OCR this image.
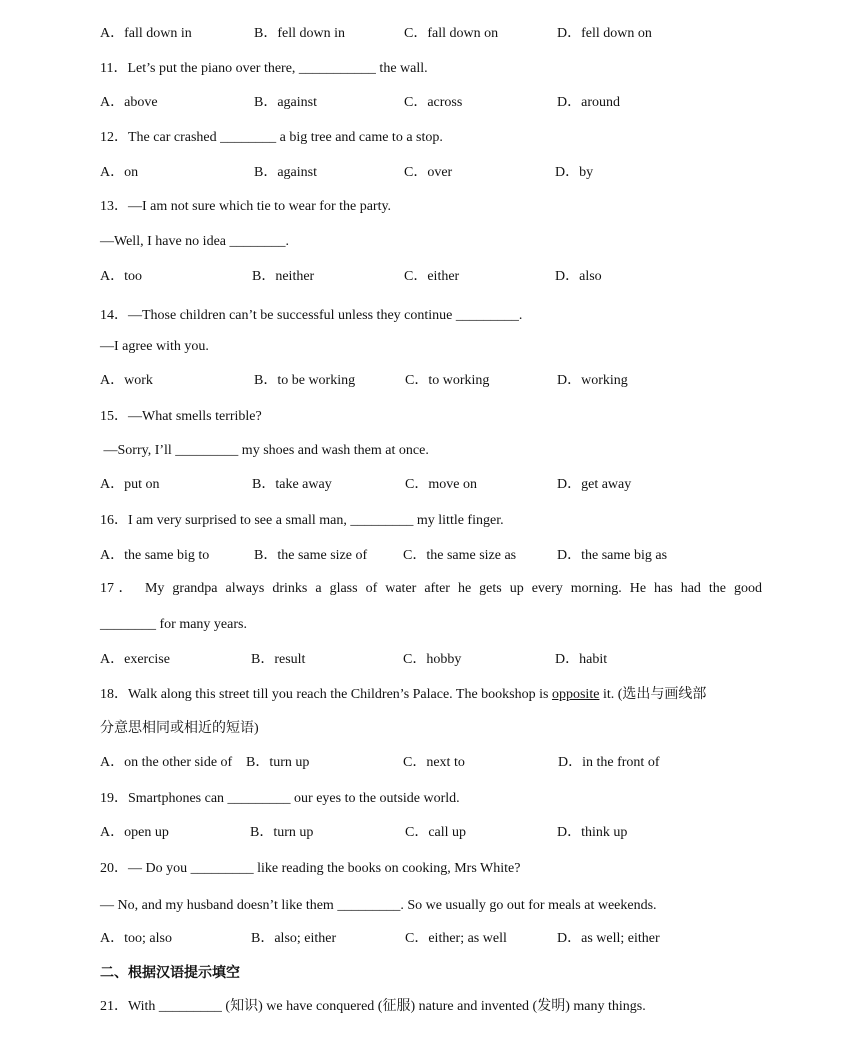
A．fall down in	B．fell down in	C．fall down on	D．fell down on
11．Let’s put the piano over there, ___________ the wall.
A．above	B．against	C．across	D．around
12．The car crashed ________ a big tree and came to a stop.
A．on	B．against	C．over	D．by
13．—I am not sure which tie to wear for the party.
—Well, I have no idea ________.
A．too	B．neither	C．either	D．also
14．—Those children can’t be successful unless they continue _________.
—I agree with you.
A．work	B．to be working	C．to working	D．working
15．—What smells terrible?
—Sorry, I’ll _________ my shoes and wash them at once.
A．put on	B．take away	C．move on	D．get away
16．I am very surprised to see a small man, _________ my little finger.
A．the same big to	B．the same size of	C．the same size as	D．the same big as
17． My grandpa always drinks a glass of water after he gets up every morning. He has had the good
________ for many years.
A．exercise	B．result	C．hobby	D．habit
18．Walk along this street till you reach the Children’s Palace. The bookshop is opposite it. (选出与画线部
分意思相同或相近的短语)
A．on the other side of B．turn up	C．next to	D．in the front of
19．Smartphones can _________ our eyes to the outside world.
A．open up	B．turn up	C．call up	D．think up
20．— Do you _________ like reading the books on cooking, Mrs White?
— No, and my husband doesn’t like them _________. So we usually go out for meals at weekends.
A．too; also	B．also; either	C．either; as well	D．as well; either
二、根据汉语提示填空
21．With _________ (知识) we have conquered (征服) nature and invented (发明) many things.
